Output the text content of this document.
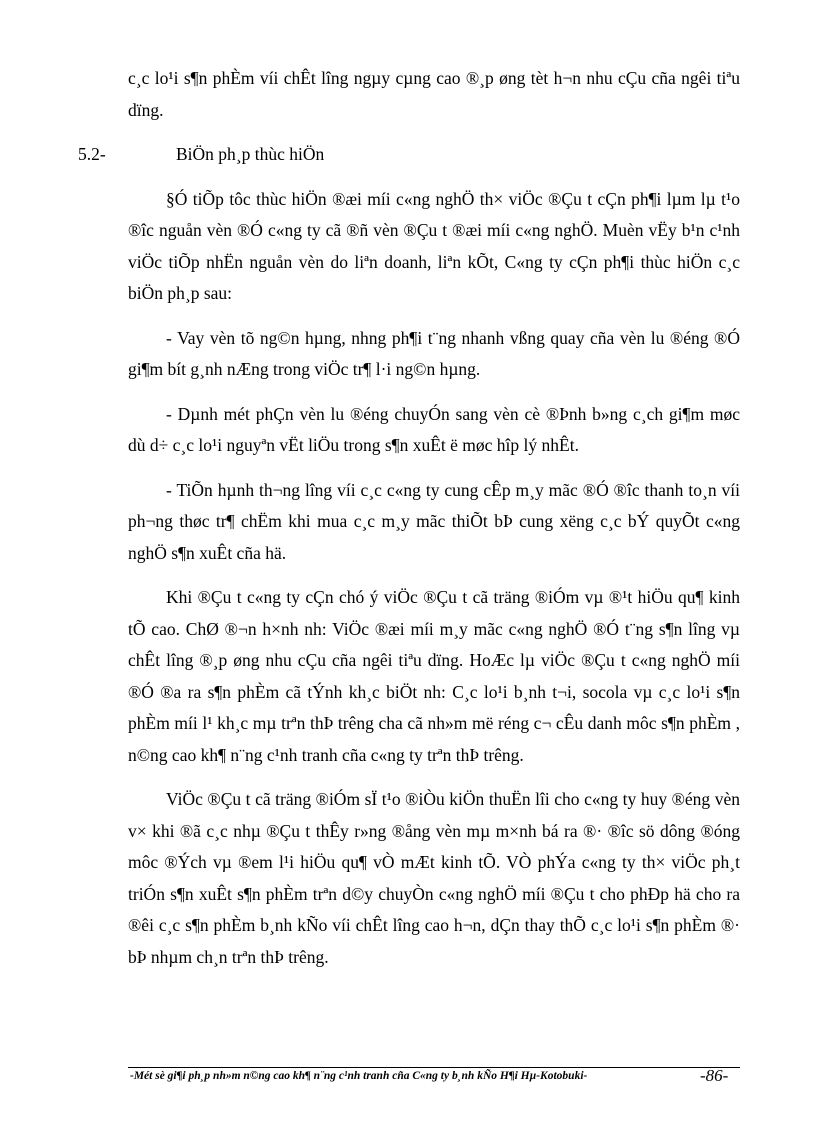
c¸c lo¹i s¶n phÈm víi chÊt lîng ngµy cµng cao ®¸p øng tèt h¬n nhu cÇu cña ngêi tiªu dïng.

5.2-	BiÖn ph¸p thùc hiÖn

§Ó tiÕp tôc thùc hiÖn ®æi míi c«ng nghÖ th× viÖc ®Çu t cÇn ph¶i lµm lµ t¹o ®îc nguån vèn ®Ó c«ng ty cã ®ñ vèn ®Çu t ®æi míi c«ng nghÖ. Muèn vËy b¹n c¹nh viÖc tiÕp nhËn nguån vèn do liªn doanh, liªn kÕt, C«ng ty cÇn ph¶i thùc hiÖn c¸c biÖn ph¸p sau:

- Vay vèn tõ ng©n hµng, nhng ph¶i t¨ng nhanh vßng quay cña vèn lu ®éng ®Ó gi¶m bít g¸nh nÆng trong viÖc tr¶ l·i ng©n hµng.

- Dµnh mét phÇn vèn lu ®éng chuyÓn sang vèn cè ®Þnh b»ng c¸ch gi¶m møc dù d÷ c¸c lo¹i nguyªn vËt liÖu trong s¶n xuÊt ë møc hîp lý nhÊt.

- TiÕn hµnh th¬ng lîng víi c¸c c«ng ty cung cÊp m¸y mãc ®Ó ®îc thanh to¸n víi ph¬ng thøc tr¶ chËm khi mua c¸c m¸y mãc thiÕt bÞ cung xëng c¸c bÝ quyÕt c«ng nghÖ s¶n xuÊt cña hä.

Khi ®Çu t c«ng ty cÇn chó ý viÖc ®Çu t cã träng ®iÓm vµ ®¹t hiÖu qu¶ kinh tÕ cao. ChØ ®¬n h×nh nh: ViÖc ®æi míi m¸y mãc c«ng nghÖ ®Ó t¨ng s¶n lîng vµ chÊt lîng ®¸p øng nhu cÇu cña ngêi tiªu dïng. HoÆc lµ viÖc ®Çu t c«ng nghÖ míi ®Ó ®a ra s¶n phÈm cã tÝnh kh¸c biÖt nh: C¸c lo¹i b¸nh t¬i, socola vµ c¸c lo¹i s¶n phÈm míi l¹ kh¸c mµ trªn thÞ trêng cha cã nh»m më réng c¬ cÊu danh môc s¶n phÈm , n©ng cao kh¶ n¨ng c¹nh tranh cña c«ng ty trªn thÞ trêng.

ViÖc ®Çu t cã träng ®iÓm sÏ t¹o ®iÒu kiÖn thuËn lîi cho c«ng ty huy ®éng vèn v× khi ®ã c¸c nhµ ®Çu t thÊy r»ng ®ång vèn mµ m×nh bá ra ®· ®îc sö dông ®óng môc ®Ých vµ ®em l¹i hiÖu qu¶ vÒ mÆt kinh tÕ. VÒ phÝa c«ng ty th× viÖc ph¸t triÓn s¶n xuÊt s¶n phÈm trªn d©y chuyÒn c«ng nghÖ míi ®Çu t cho phÐp hä cho ra ®êi c¸c s¶n phÈm b¸nh kÑo víi chÊt lîng cao h¬n, dÇn thay thÕ c¸c lo¹i s¶n phÈm ®· bÞ nhµm ch¸n trªn thÞ trêng.

-Mét sè gi¶i ph¸p nh»m n©ng cao kh¶ n¨ng c¹nh tranh cña C«ng ty b¸nh kÑo H¶i Hµ-Kotobuki-	-86-
